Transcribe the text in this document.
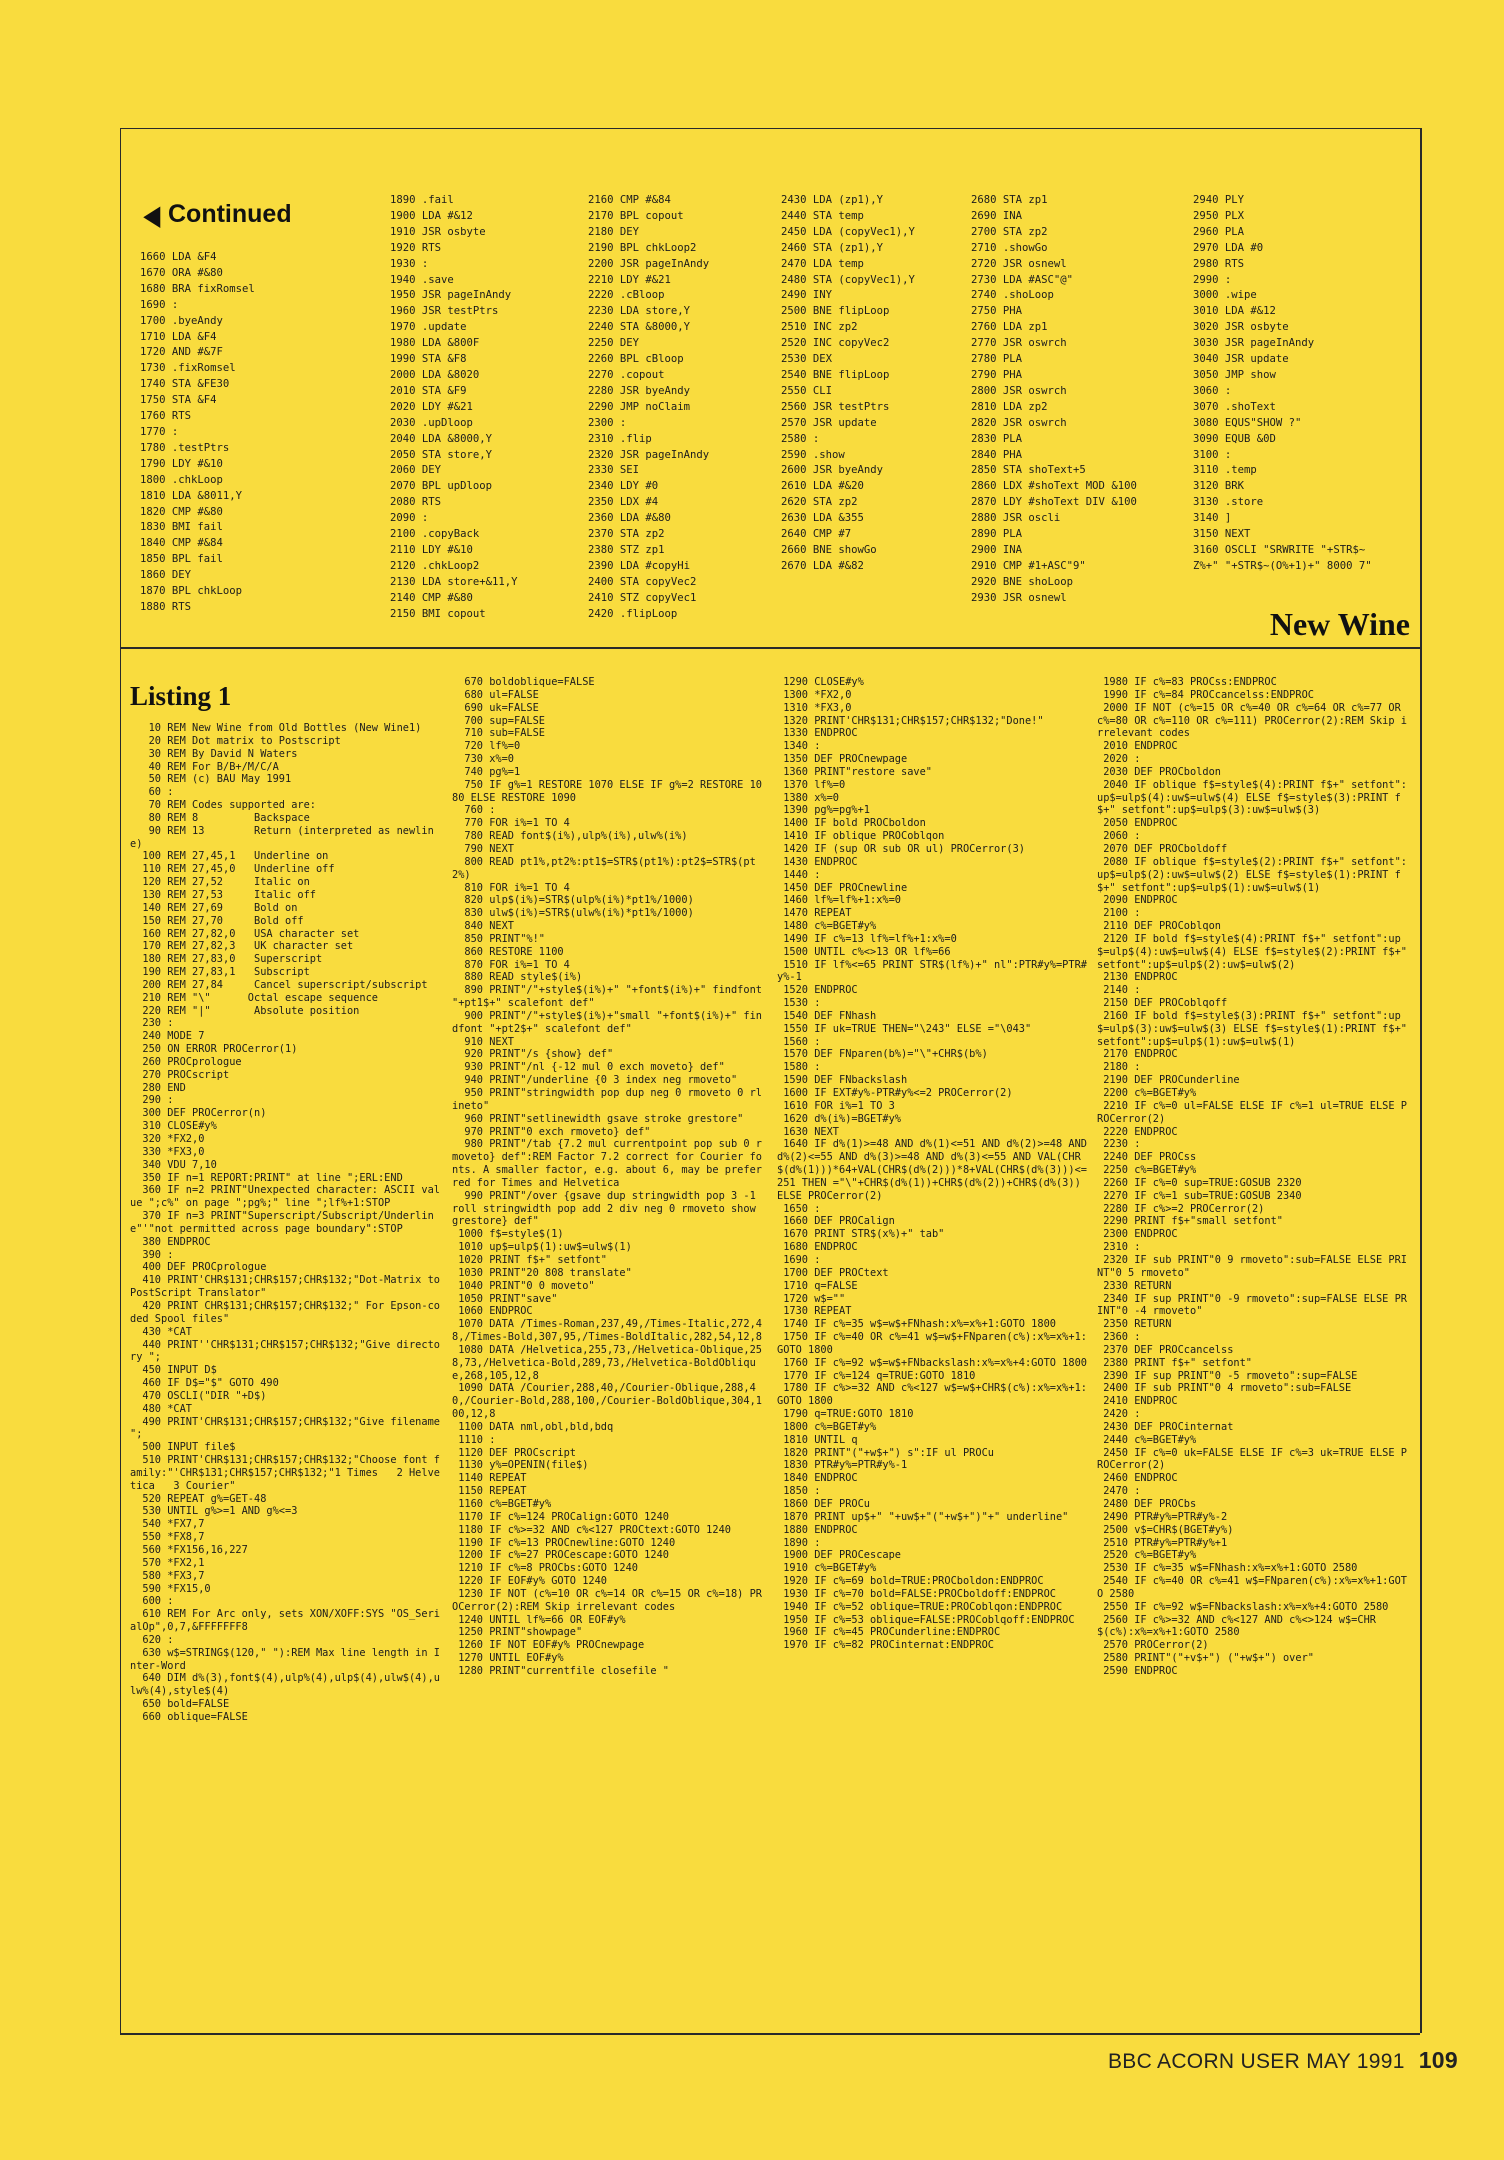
◀ Continued
1660 LDA &F4
1670 ORA #&80
1680 BRA fixRomsel
1690 :
1700 .byeAndy
1710 LDA &F4
1720 AND #&7F
1730 .fixRomsel
1740 STA &FE30
1750 STA &F4
1760 RTS
1770 :
1780 .testPtrs
1790 LDY #&10
1800 .chkLoop
1810 LDA &8011,Y
1820 CMP #&80
1830 BMI fail
1840 CMP #&84
1850 BPL fail
1860 DEY
1870 BPL chkLoop
1880 RTS
1890 .fail
1900 LDA #&12
1910 JSR osbyte
1920 RTS
1930 :
1940 .save
1950 JSR pageInAndy
1960 JSR testPtrs
1970 .update
1980 LDA &800F
1990 STA &F8
2000 LDA &8020
2010 STA &F9
2020 LDY #&21
2030 .upDloop
2040 LDA &8000,Y
2050 STA store,Y
2060 DEY
2070 BPL upDloop
2080 RTS
2090 :
2100 .copyBack
2110 LDY #&10
2120 .chkLoop2
2130 LDA store+&11,Y
2140 CMP #&80
2150 BMI copout
2160 CMP #&84
2170 BPL copout
2180 DEY
2190 BPL chkLoop2
2200 JSR pageInAndy
2210 LDY #&21
2220 .cBloop
2230 LDA store,Y
2240 STA &8000,Y
2250 DEY
2260 BPL cBloop
2270 .copout
2280 JSR byeAndy
2290 JMP noClaim
2300 :
2310 .flip
2320 JSR pageInAndy
2330 SEI
2340 LDY #0
2350 LDX #4
2360 LDA #&80
2370 STA zp2
2380 STZ zp1
2390 LDA #copyHi
2400 STA copyVec2
2410 STZ copyVec1
2420 .flipLoop
2430 LDA (zp1),Y
2440 STA temp
2450 LDA (copyVec1),Y
2460 STA (zp1),Y
2470 LDA temp
2480 STA (copyVec1),Y
2490 INY
2500 BNE flipLoop
2510 INC zp2
2520 INC copyVec2
2530 DEX
2540 BNE flipLoop
2550 CLI
2560 JSR testPtrs
2570 JSR update
2580 :
2590 .show
2600 JSR byeAndy
2610 LDA #&20
2620 STA zp2
2630 LDA &355
2640 CMP #7
2660 BNE showGo
2670 LDA #&82
2680 STA zp1
2690 INA
2700 STA zp2
2710 .showGo
2720 JSR osnewl
2730 LDA #ASC"@"
2740 .shoLoop
2750 PHA
2760 LDA zp1
2770 JSR oswrch
2780 PLA
2790 PHA
2800 JSR oswrch
2810 LDA zp2
2820 JSR oswrch
2830 PLA
2840 PHA
2850 STA shoText+5
2860 LDX #shoText MOD &100
2870 LDY #shoText DIV &100
2880 JSR oscli
2890 PLA
2900 INA
2910 CMP #1+ASC"9"
2920 BNE shoLoop
2930 JSR osnewl
2940 PLY
2950 PLX
2960 PLA
2970 LDA #0
2980 RTS
2990 :
3000 .wipe
3010 LDA #&12
3020 JSR osbyte
3030 JSR pageInAndy
3040 JSR update
3050 JMP show
3060 :
3070 .shoText
3080 EQUS"SHOW ?"
3090 EQUB &0D
3100 :
3110 .temp
3120 BRK
3130 .store
3140 ]
3150 NEXT
3160 OSCLI "SRWRITE "+STR$~Z%+" "+STR$~(O%+1)+" 8000 7"
New Wine
Listing 1
10 REM New Wine from Old Bottles (New Wine1)
20 REM Dot matrix to Postscript
30 REM By David N Waters
40 REM For B/B+/M/C/A
50 REM (c) BAU May 1991
60 :
70 REM Codes supported are:
80 REM 8         Backspace
90 REM 13        Return (interpreted as newline)
100 REM 27,45,1   Underline on
110 REM 27,45,0   Underline off
120 REM 27,52     Italic on
130 REM 27,53     Italic off
140 REM 27,69     Bold on
150 REM 27,70     Bold off
160 REM 27,82,0   USA character set
170 REM 27,82,3   UK character set
180 REM 27,83,0   Superscript
190 REM 27,83,1   Subscript
200 REM 27,84     Cancel superscript/subscript
210 REM "\"      Octal escape sequence
220 REM "|"       Absolute position
230 :
240 MODE 7
250 ON ERROR PROCerror(1)
260 PROCprologue
270 PROCscript
280 END
290 :
300 DEF PROCerror(n)
310 CLOSE#y%
320 *FX2,0
330 *FX3,0
340 VDU 7,10
350 IF n=1 REPORT:PRINT" at line ";ERL:END
360 IF n=2 PRINT"Unexpected character: ASCII value ";c%" on page ";pg%;" line ";lf%+1:STOP
370 IF n=3 PRINT"Superscript/Subscript/Underline"'"not permitted across page boundary":STOP
380 ENDPROC
390 :
400 DEF PROCprologue
410 PRINT'CHR$131;CHR$157;CHR$132;"Dot-Matrix to PostScript Translator"
420 PRINT CHR$131;CHR$157;CHR$132;" For Epson-coded Spool files"
430 *CAT
440 PRINT''CHR$131;CHR$157;CHR$132;"Give directory ";
450 INPUT D$
460 IF D$="$" GOTO 490
470 OSCLI("DIR "+D$)
480 *CAT
490 PRINT'CHR$131;CHR$157;CHR$132;"Give filename ";
500 INPUT file$
510 PRINT'CHR$131;CHR$157;CHR$132;"Choose font family:"'CHR$131;CHR$157;CHR$132;"1 Times   2 Helvetica   3 Courier"
520 REPEAT g%=GET-48
530 UNTIL g%>=1 AND g%<=3
540 *FX7,7
550 *FX8,7
560 *FX156,16,227
570 *FX2,1
580 *FX3,7
590 *FX15,0
600 :
610 REM For Arc only, sets XON/XOFF:SYS "OS_SerialOp",0,7,&FFFFFFF8
620 :
630 w$=STRING$(120," "):REM Max line length in Inter-Word
640 DIM d%(3),font$(4),ulp%(4),ulp$(4),ulw$(4),ulw%(4),style$(4)
650 bold=FALSE
660 oblique=FALSE
670 boldoblique=FALSE
680 ul=FALSE
690 uk=FALSE
700 sup=FALSE
710 sub=FALSE
720 lf%=0
730 x%=0
740 pg%=1
750 IF g%=1 RESTORE 1070 ELSE IF g%=2 RESTORE 1080 ELSE RESTORE 1090
760 :
770 FOR i%=1 TO 4
780 READ font$(i%),ulp%(i%),ulw%(i%)
790 NEXT
800 READ pt1%,pt2%:pt1$=STR$(pt1%):pt2$=STR$(pt2%)
810 FOR i%=1 TO 4
820 ulp$(i%)=STR$(ulp%(i%)*pt1%/1000)
830 ulw$(i%)=STR$(ulw%(i%)*pt1%/1000)
840 NEXT
850 PRINT"%!"
860 RESTORE 1100
870 FOR i%=1 TO 4
880 READ style$(i%)
890 PRINT"/"+style$(i%)+" "+font$(i%)+" findfont "+pt1$+" scalefont def"
900 PRINT"/"+style$(i%)+"small "+font$(i%)+" findfont "+pt2$+" scalefont def"
910 NEXT
920 PRINT"/s {show} def"
930 PRINT"/nl {-12 mul 0 exch moveto} def"
940 PRINT"/underline {0 3 index neg rmoveto"
950 PRINT"stringwidth pop dup neg 0 rmoveto 0 rlineto"
960 PRINT"setlinewidth gsave stroke grestore"
970 PRINT"0 exch rmoveto} def"
980 PRINT"/tab {7.2 mul currentpoint pop sub 0 rmoveto} def":REM Factor 7.2 correct for Courier fonts. A smaller factor, e.g. about 6, may be preferred for Times and Helvetica
990 PRINT"/over {gsave dup stringwidth pop 3 -1 roll stringwidth pop add 2 div neg 0 rmoveto show grestore} def"
1000 f$=style$(1)
1010 up$=ulp$(1):uw$=ulw$(1)
1020 PRINT f$+" setfont"
1030 PRINT"20 808 translate"
1040 PRINT"0 0 moveto"
1050 PRINT"save"
1060 ENDPROC
1070 DATA /Times-Roman,237,49,/Times-Italic,272,48,/Times-Bold,307,95,/Times-BoldItalic,282,54,12,8
1080 DATA /Helvetica,255,73,/Helvetica-Oblique,258,73,/Helvetica-Bold,289,73,/Helvetica-BoldOblique,268,105,12,8
1090 DATA /Courier,288,40,/Courier-Oblique,288,40,/Courier-Bold,288,100,/Courier-BoldOblique,304,100,12,8
1100 DATA nml,obl,bld,bdq
1110 :
1120 DEF PROCscript
1130 y%=OPENIN(file$)
1140 REPEAT
1150 REPEAT
1160 c%=BGET#y%
1170 IF c%=124 PROCalign:GOTO 1240
1180 IF c%>=32 AND c%<127 PROCtext:GOTO 1240
1190 IF c%=13 PROCnewline:GOTO 1240
1200 IF c%=27 PROCescape:GOTO 1240
1210 IF c%=8 PROCbs:GOTO 1240
1220 IF EOF#y% GOTO 1240
1230 IF NOT (c%=10 OR c%=14 OR c%=15 OR c%=18) PROCerror(2):REM Skip irrelevant codes
1240 UNTIL lf%=66 OR EOF#y%
1250 PRINT"showpage"
1260 IF NOT EOF#y% PROCnewpage
1270 UNTIL EOF#y%
1280 PRINT"currentfile closefile "
1290 CLOSE#y%
1300 *FX2,0
1310 *FX3,0
1320 PRINT'CHR$131;CHR$157;CHR$132;"Done!"
1330 ENDPROC
1340 :
1350 DEF PROCnewpage
1360 PRINT"restore save"
1370 lf%=0
1380 x%=0
1390 pg%=pg%+1
1400 IF bold PROCboldon
1410 IF oblique PROCoblqon
1420 IF (sup OR sub OR ul) PROCerror(3)
1430 ENDPROC
1440 :
1450 DEF PROCnewline
1460 lf%=lf%+1:x%=0
1470 REPEAT
1480 c%=BGET#y%
1490 IF c%=13 lf%=lf%+1:x%=0
1500 UNTIL c%<>13 OR lf%=66
1510 IF lf%<=65 PRINT STR$(lf%)+" nl":PTR#y%=PTR#y%-1
1520 ENDPROC
1530 :
1540 DEF FNhash
1550 IF uk=TRUE THEN="\243" ELSE ="\043"
1560 :
1570 DEF FNparen(b%)="\"+CHR$(b%)
1580 :
1590 DEF FNbackslash
1600 IF EXT#y%-PTR#y%<=2 PROCerror(2)
1610 FOR i%=1 TO 3
1620 d%(i%)=BGET#y%
1630 NEXT
1640 IF d%(1)>=48 AND d%(1)<=51 AND d%(2)>=48 AND d%(2)<=55 AND d%(3)>=48 AND d%(3)<=55 AND VAL(CHR$(d%(1)))*64+VAL(CHR$(d%(2)))*8+VAL(CHR$(d%(3)))<=251 THEN ="\"+CHR$(d%(1))+CHR$(d%(2))+CHR$(d%(3)) ELSE PROCerror(2)
1650 :
1660 DEF PROCalign
1670 PRINT STR$(x%)+" tab"
1680 ENDPROC
1690 :
1700 DEF PROCtext
1710 q=FALSE
1720 w$=""
1730 REPEAT
1740 IF c%=35 w$=w$+FNhash:x%=x%+1:GOTO 1800
1750 IF c%=40 OR c%=41 w$=w$+FNparen(c%):x%=x%+1:GOTO 1800
1760 IF c%=92 w$=w$+FNbackslash:x%=x%+4:GOTO 1800
1770 IF c%=124 q=TRUE:GOTO 1810
1780 IF c%>=32 AND c%<127 w$=w$+CHR$(c%):x%=x%+1:GOTO 1800
1790 q=TRUE:GOTO 1810
1800 c%=BGET#y%
1810 UNTIL q
1820 PRINT"("+w$+") s":IF ul PROCu
1830 PTR#y%=PTR#y%-1
1840 ENDPROC
1850 :
1860 DEF PROCu
1870 PRINT up$+" "+uw$+"("+w$+")"+" underline"
1880 ENDPROC
1890 :
1900 DEF PROCescape
1910 c%=BGET#y%
1920 IF c%=69 bold=TRUE:PROCboldon:ENDPROC
1930 IF c%=70 bold=FALSE:PROCboldoff:ENDPROC
1940 IF c%=52 oblique=TRUE:PROCoblqon:ENDPROC
1950 IF c%=53 oblique=FALSE:PROCoblqoff:ENDPROC
1960 IF c%=45 PROCunderline:ENDPROC
1970 IF c%=82 PROCinternat:ENDPROC
1980 IF c%=83 PROCss:ENDPROC
1990 IF c%=84 PROCcancelss:ENDPROC
2000 IF NOT (c%=15 OR c%=40 OR c%=64 OR c%=77 OR c%=80 OR c%=110 OR c%=111) PROCerror(2):REM Skip irrelevant codes
2010 ENDPROC
2020 :
2030 DEF PROCboldon
2040 IF oblique f$=style$(4):PRINT f$+" setfont":up$=ulp$(4):uw$=ulw$(4) ELSE f$=style$(3):PRINT f$+" setfont":up$=ulp$(3):uw$=ulw$(3)
2050 ENDPROC
2060 :
2070 DEF PROCboldoff
2080 IF oblique f$=style$(2):PRINT f$+" setfont":up$=ulp$(2):uw$=ulw$(2) ELSE f$=style$(1):PRINT f$+" setfont":up$=ulp$(1):uw$=ulw$(1)
2090 ENDPROC
2100 :
2110 DEF PROCoblqon
2120 IF bold f$=style$(4):PRINT f$+" setfont":up$=ulp$(4):uw$=ulw$(4) ELSE f$=style$(2):PRINT f$+" setfont":up$=ulp$(2):uw$=ulw$(2)
2130 ENDPROC
2140 :
2150 DEF PROCoblqoff
2160 IF bold f$=style$(3):PRINT f$+" setfont":up$=ulp$(3):uw$=ulw$(3) ELSE f$=style$(1):PRINT f$+" setfont":up$=ulp$(1):uw$=ulw$(1)
2170 ENDPROC
2180 :
2190 DEF PROCunderline
2200 c%=BGET#y%
2210 IF c%=0 ul=FALSE ELSE IF c%=1 ul=TRUE ELSE PROCerror(2)
2220 ENDPROC
2230 :
2240 DEF PROCss
2250 c%=BGET#y%
2260 IF c%=0 sup=TRUE:GOSUB 2320
2270 IF c%=1 sub=TRUE:GOSUB 2340
2280 IF c%>=2 PROCerror(2)
2290 PRINT f$+"small setfont"
2300 ENDPROC
2310 :
2320 IF sub PRINT"0 9 rmoveto":sub=FALSE ELSE PRINT"0 5 rmoveto"
2330 RETURN
2340 IF sup PRINT"0 -9 rmoveto":sup=FALSE ELSE PRINT"0 -4 rmoveto"
2350 RETURN
2360 :
2370 DEF PROCcancelss
2380 PRINT f$+" setfont"
2390 IF sup PRINT"0 -5 rmoveto":sup=FALSE
2400 IF sub PRINT"0 4 rmoveto":sub=FALSE
2410 ENDPROC
2420 :
2430 DEF PROCinternat
2440 c%=BGET#y%
2450 IF c%=0 uk=FALSE ELSE IF c%=3 uk=TRUE ELSE PROCerror(2)
2460 ENDPROC
2470 :
2480 DEF PROCbs
2490 PTR#y%=PTR#y%-2
2500 v$=CHR$(BGET#y%)
2510 PTR#y%=PTR#y%+1
2520 c%=BGET#y%
2530 IF c%=35 w$=FNhash:x%=x%+1:GOTO 2580
2540 IF c%=40 OR c%=41 w$=FNparen(c%):x%=x%+1:GOTO 2580
2550 IF c%=92 w$=FNbackslash:x%=x%+4:GOTO 2580
2560 IF c%>=32 AND c%<127 AND c%<>124 w$=CHR$(c%):x%=x%+1:GOTO 2580
2570 PROCerror(2)
2580 PRINT"("+v$+") ("+w$+") over"
2590 ENDPROC
BBC ACORN USER MAY 1991 109
